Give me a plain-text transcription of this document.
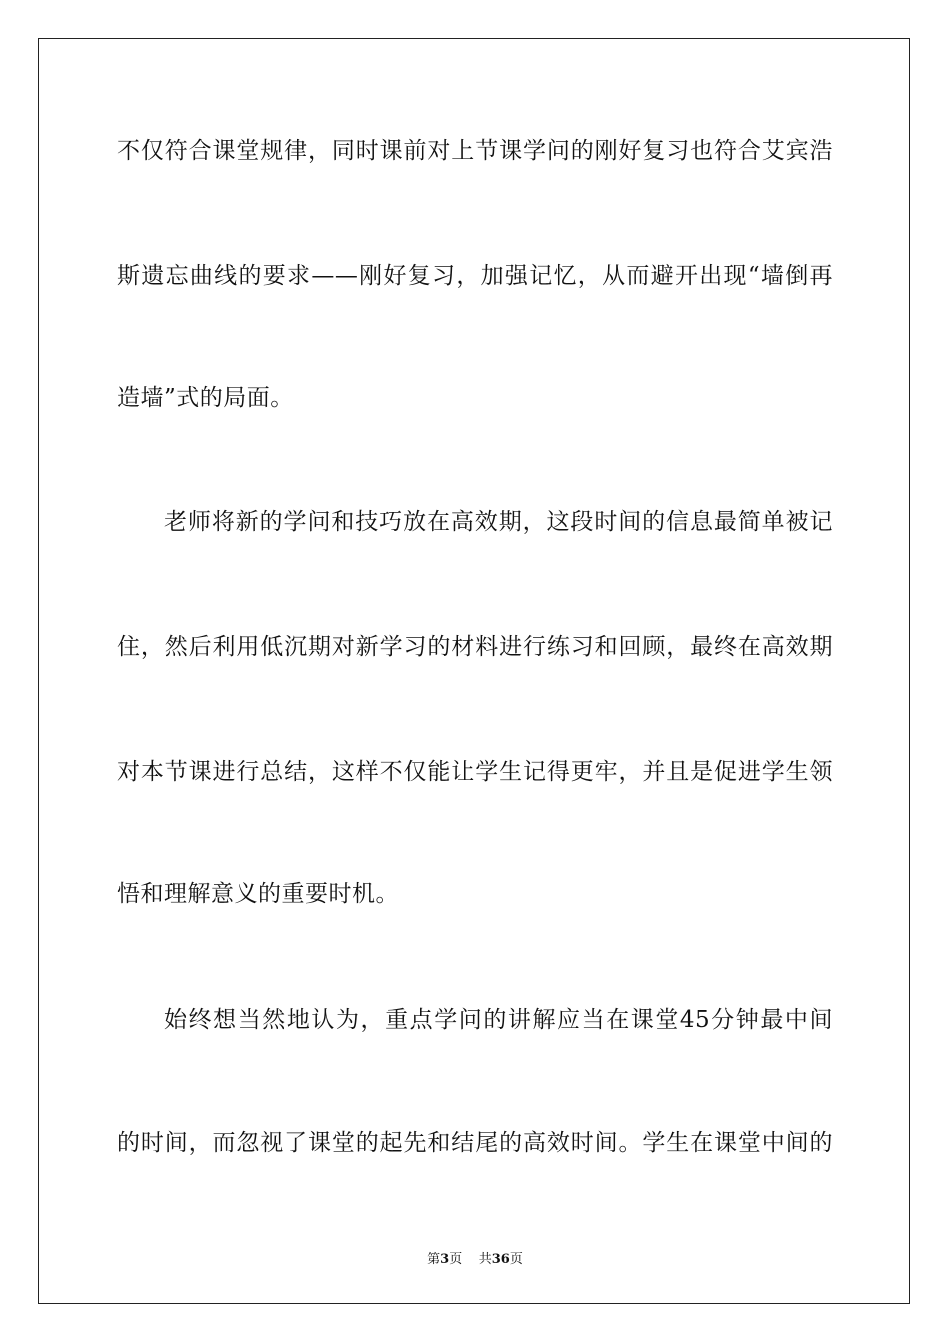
不仅符合课堂规律，同时课前对上节课学问的刚好复习也符合艾宾浩
斯遗忘曲线的要求——刚好复习，加强记忆，从而避开出现“墙倒再
造墙”式的局面。
老师将新的学问和技巧放在高效期，这段时间的信息最简单被记
住，然后利用低沉期对新学习的材料进行练习和回顾，最终在高效期
对本节课进行总结，这样不仅能让学生记得更牢，并且是促进学生领
悟和理解意义的重要时机。
始终想当然地认为，重点学问的讲解应当在课堂45分钟最中间
的时间，而忽视了课堂的起先和结尾的高效时间。学生在课堂中间的
第3页 共36页
